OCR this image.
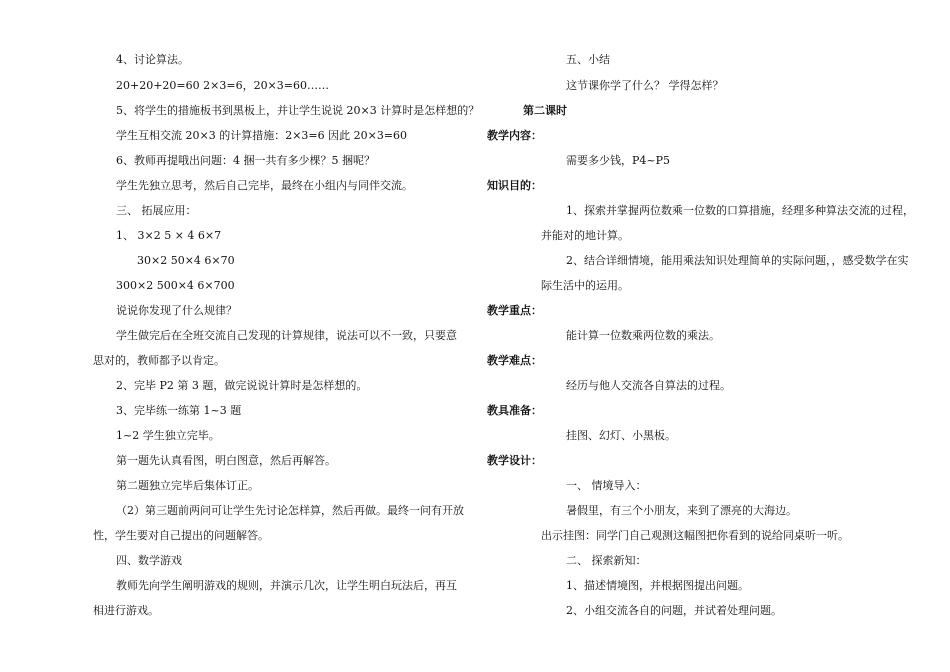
4、讨论算法。
20+20+20=60 2×3=6，20×3=60……
5、将学生的措施板书到黑板上，并让学生说说 20×3 计算时是怎样想的？
学生互相交流 20×3 的计算措施：2×3=6 因此 20×3=60
6、教师再提哦出问题：4 捆一共有多少棵？5 捆呢？
学生先独立思考，然后自己完毕，最终在小组内与同伴交流。
三、 拓展应用：
1、 3×2 5 × 4 6×7
30×2 50×4 6×70
300×2 500×4 6×700
说说你发现了什么规律？
学生做完后在全班交流自己发现的计算规律，说法可以不一致，只要意
思对的，教师都予以肯定。
2、完毕 P2 第 3 题，做完说说计算时是怎样想的。
3、完毕练一练第 1~3 题
1~2 学生独立完毕。
第一题先认真看图，明白图意，然后再解答。
第二题独立完毕后集体订正。
（2）第三题前两问可让学生先讨论怎样算，然后再做。最终一问有开放
性，学生要对自己提出的问题解答。
四、数学游戏
教师先向学生阐明游戏的规则，并演示几次，让学生明白玩法后，再互
相进行游戏。
五、小结
这节课你学了什么？ 学得怎样？
第二课时
教学内容：
需要多少钱，P4~P5
知识目的：
1、探索并掌握两位数乘一位数的口算措施，经理多种算法交流的过程，
并能对的地计算。
2、结合详细情境，能用乘法知识处理简单的实际问题，，感受数学在实
际生活中的运用。
教学重点：
能计算一位数乘两位数的乘法。
教学难点：
经历与他人交流各自算法的过程。
教具准备：
挂图、幻灯、小黑板。
教学设计：
一、 情境导入：
暑假里，有三个小朋友，来到了漂亮的大海边。
出示挂图：同学门自己观测这幅图把你看到的说给同桌听一听。
二、 探索新知：
1、描述情境图，并根据图提出问题。
2、小组交流各自的问题，并试着处理问题。
